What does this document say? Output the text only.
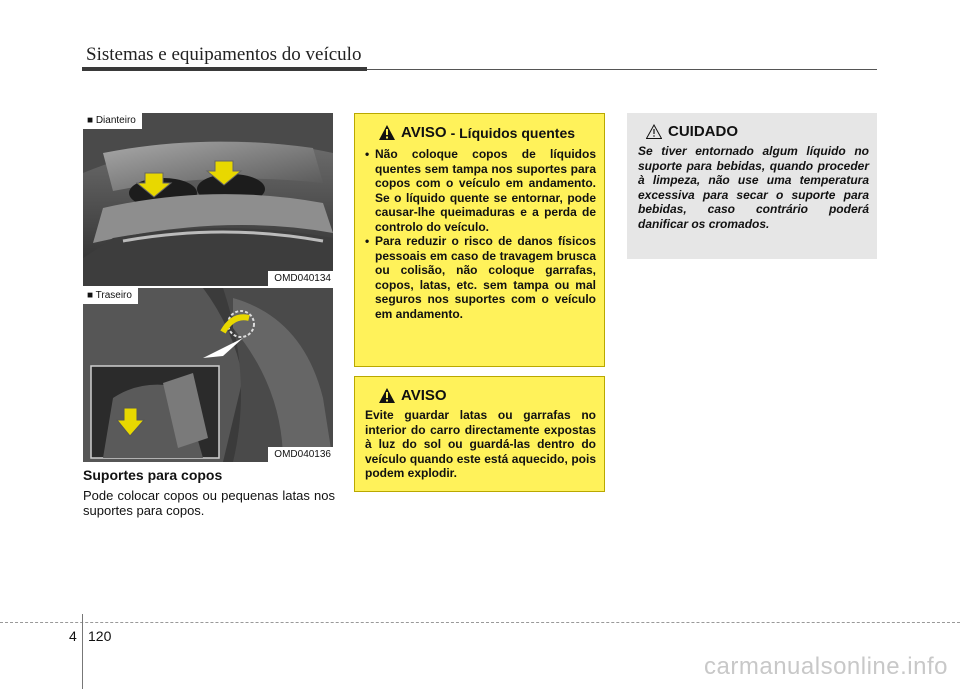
Sistemas e equipamentos do veículo
■ Dianteiro
OMD040134
■ Traseiro
OMD040136
Suportes para copos

Pode colocar copos ou pequenas latas nos suportes para copos.

AVISO - Líquidos quentes
• Não coloque copos de líquidos quentes sem tampa nos suportes para copos com o veículo em andamento. Se o líquido quente se entornar, pode causar-lhe queimaduras e a perda de controlo do veículo.
• Para reduzir o risco de danos físicos pessoais em caso de travagem brusca ou colisão, não coloque garrafas, copos, latas, etc. sem tampa ou mal seguros nos suportes com o veículo em andamento.
AVISO

Evite guardar latas ou garrafas no interior do carro directamente expostas à luz do sol ou guardá-las dentro do veículo quando este está aquecido, pois podem explodir.

CUIDADO

Se tiver entornado algum líquido no suporte para bebidas, quando proceder à limpeza, não use uma temperatura excessiva para secar o suporte para bebidas, caso contrário poderá danificar os cromados.

4 120
carmanualsonline.info
